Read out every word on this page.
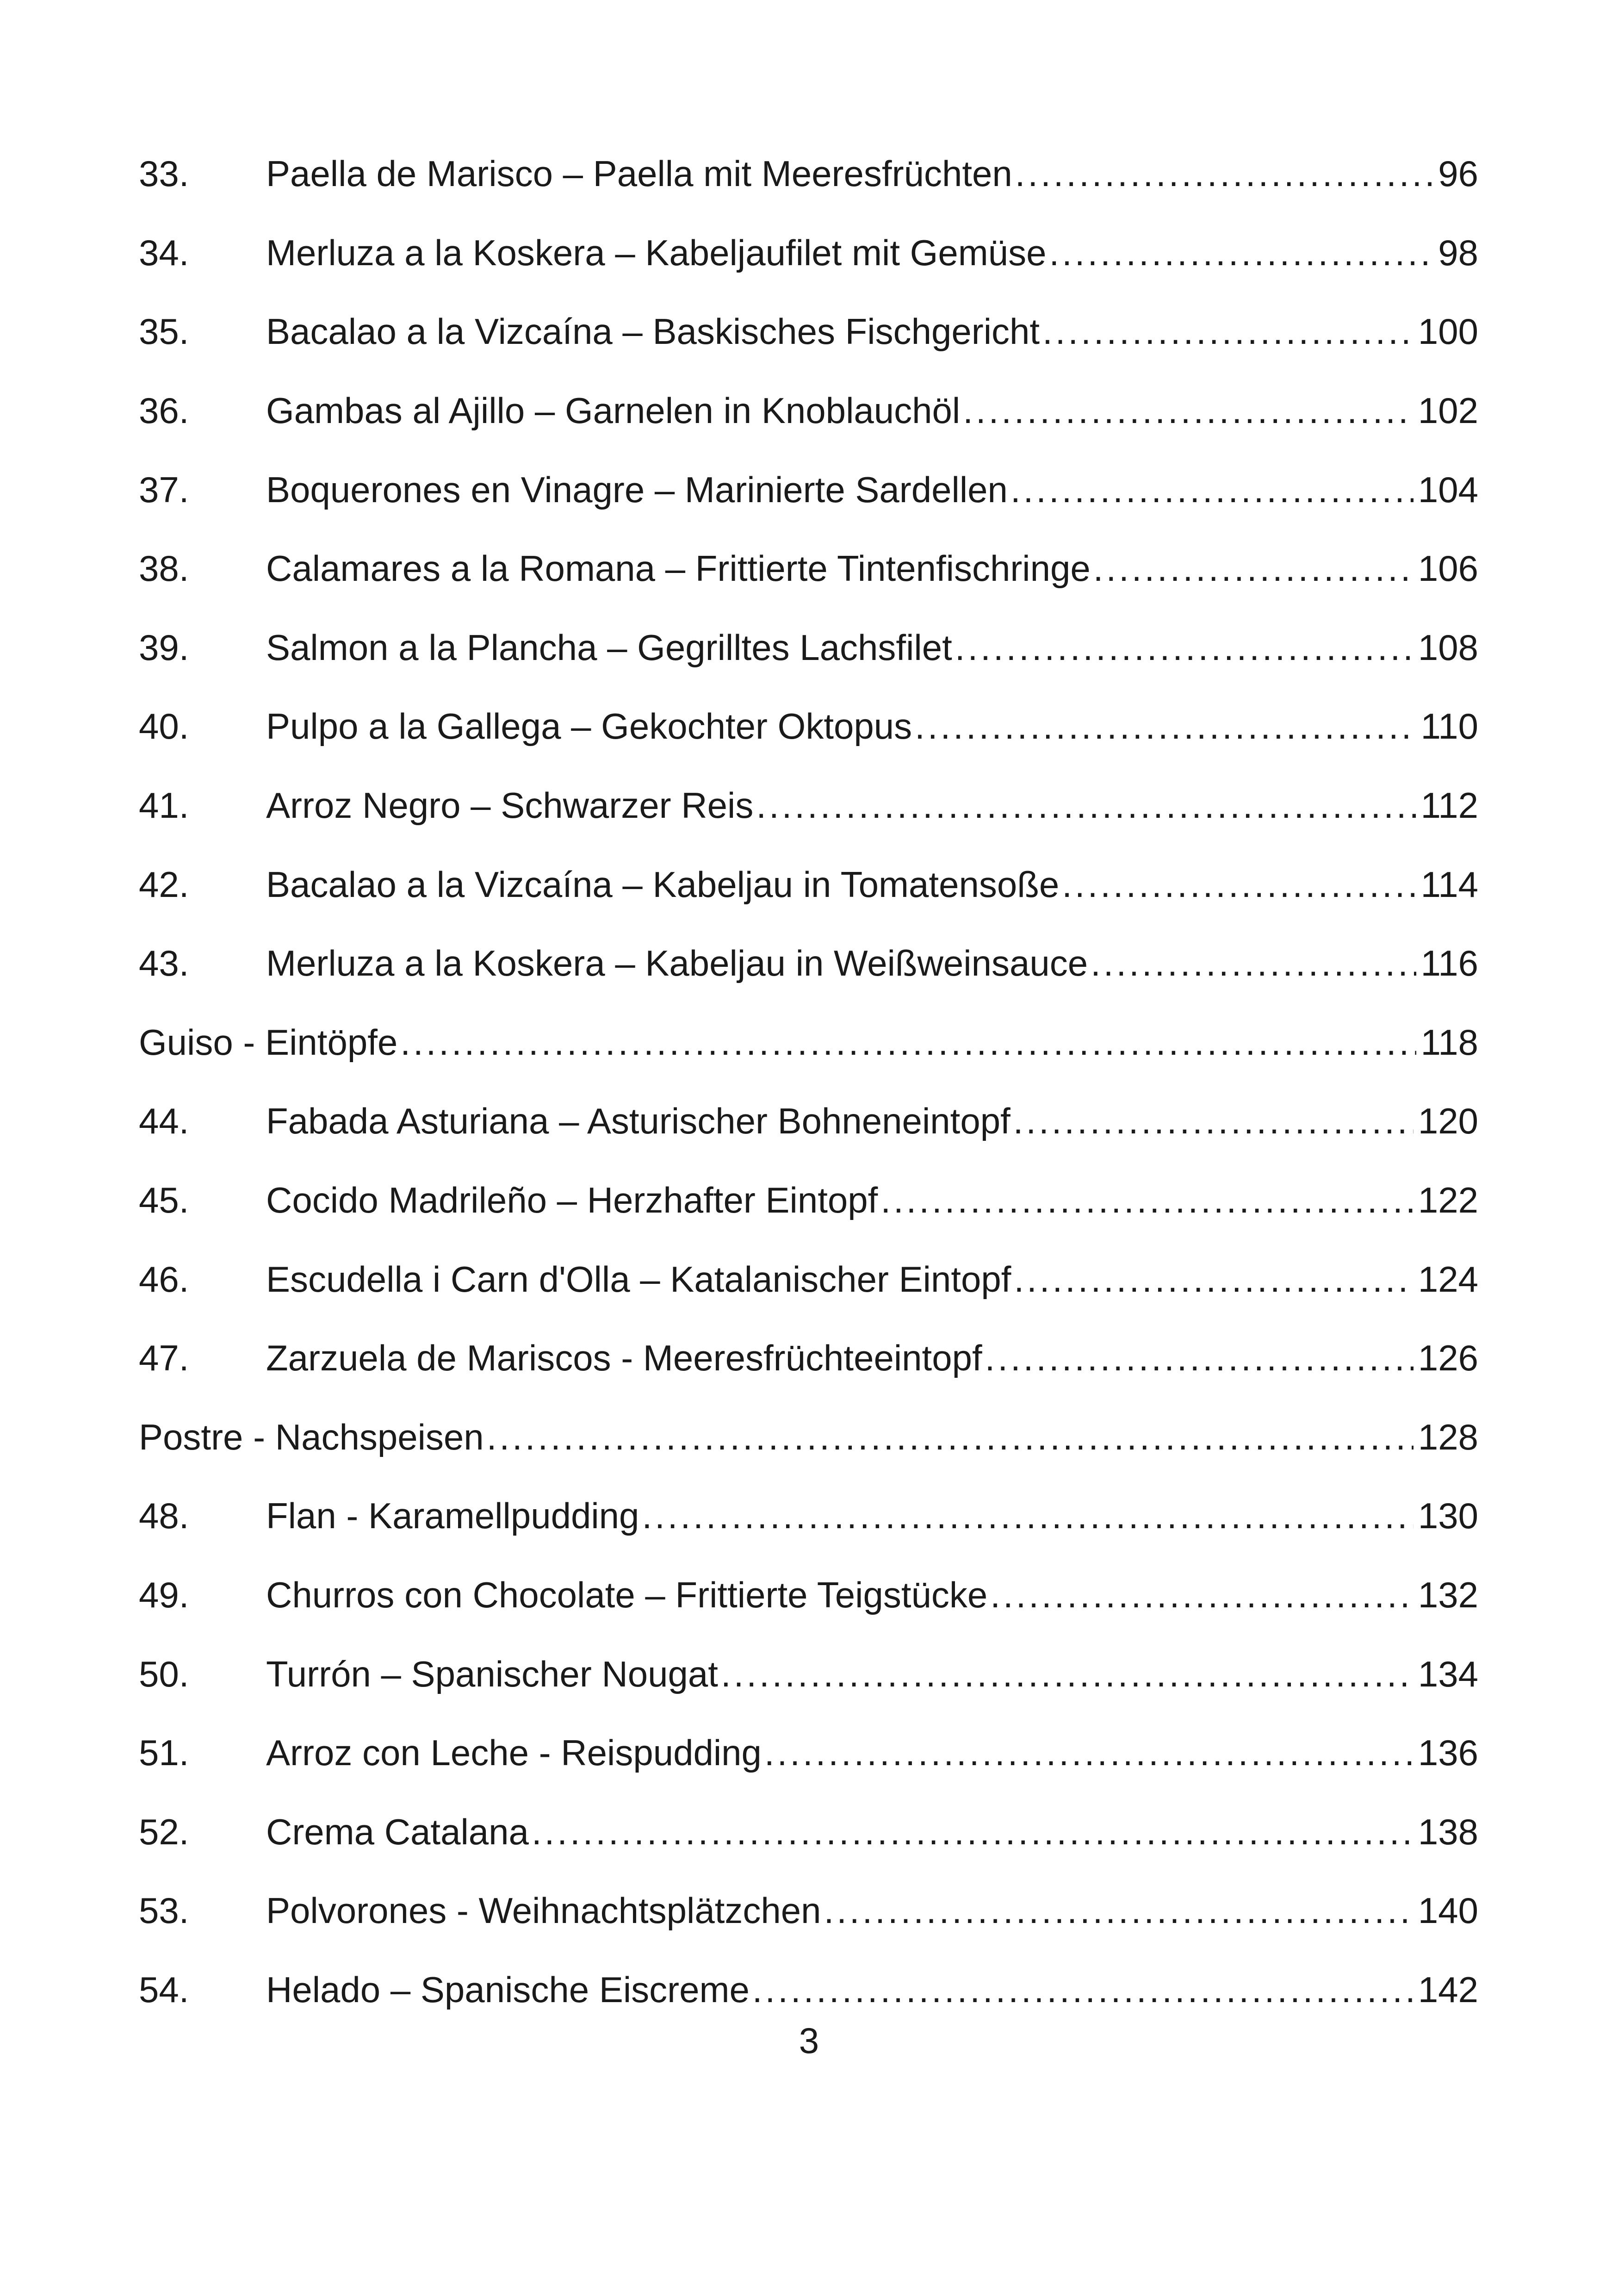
33.	Paella de Marisco – Paella mit Meeresfrüchten .....	96
34.	Merluza a la Koskera – Kabeljaufilet mit Gemüse .....	98
35.	Bacalao a la Vizcaína – Baskisches Fischgericht .....	100
36.	Gambas al Ajillo – Garnelen in Knoblauchöl .....	102
37.	Boquerones en Vinagre – Marinierte Sardellen .....	104
38.	Calamares a la Romana – Frittierte Tintenfischringe .....	106
39.	Salmon a la Plancha – Gegrilltes Lachsfilet .....	108
40.	Pulpo a la Gallega – Gekochter Oktopus .....	110
41.	Arroz Negro – Schwarzer Reis .....	112
42.	Bacalao a la Vizcaína – Kabeljau in Tomatensoße .....	114
43.	Merluza a la Koskera – Kabeljau in Weißweinsauce .....	116
Guiso - Eintöpfe .....	118
44.	Fabada Asturiana – Asturischer Bohneneintopf .....	120
45.	Cocido Madrileño – Herzhafter Eintopf .....	122
46.	Escudella i Carn d'Olla – Katalanischer Eintopf .....	124
47.	Zarzuela de Mariscos - Meeresfrüchteeintopf .....	126
Postre - Nachspeisen .....	128
48.	Flan - Karamellpudding .....	130
49.	Churros con Chocolate – Frittierte Teigstücke .....	132
50.	Turrón – Spanischer Nougat .....	134
51.	Arroz con Leche - Reispudding .....	136
52.	Crema Catalana .....	138
53.	Polvorones - Weihnachtsplätzchen .....	140
54.	Helado – Spanische Eiscreme .....	142
3
